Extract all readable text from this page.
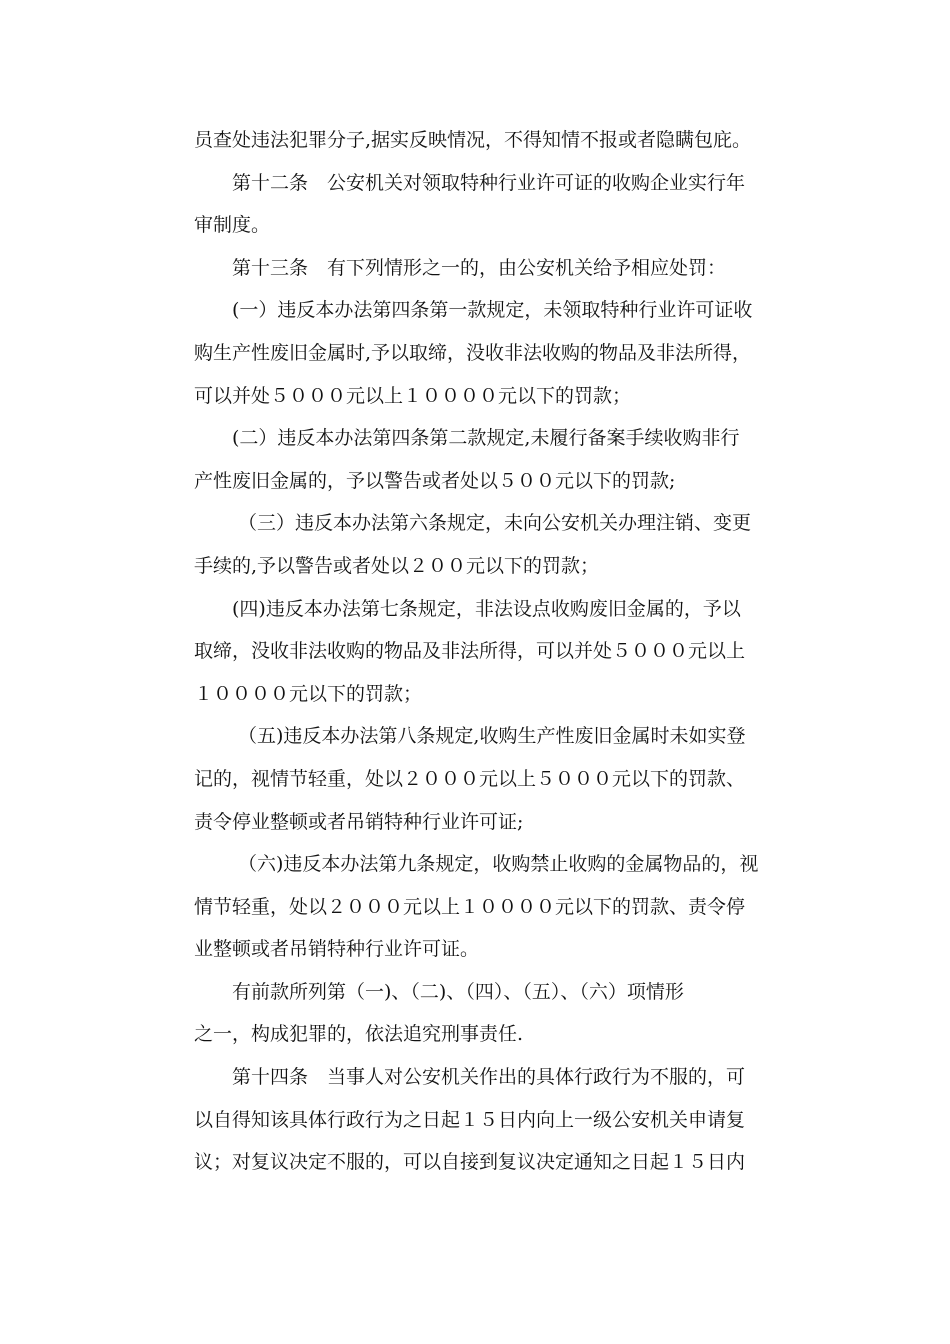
员查处违法犯罪分子,据实反映情况，不得知情不报或者隐瞒包庇。
第十二条　公安机关对领取特种行业许可证的收购企业实行年
审制度。
第十三条　有下列情形之一的，由公安机关给予相应处罚：
(一）违反本办法第四条第一款规定，未领取特种行业许可证收
购生产性废旧金属时,予以取缔，没收非法收购的物品及非法所得，
可以并处５０００元以上１００００元以下的罚款；
(二）违反本办法第四条第二款规定,未履行备案手续收购非行
产性废旧金属的，予以警告或者处以５００元以下的罚款;
（三）违反本办法第六条规定，未向公安机关办理注销、变更
手续的,予以警告或者处以２００元以下的罚款；
(四)违反本办法第七条规定，非法设点收购废旧金属的，予以
取缔，没收非法收购的物品及非法所得，可以并处５０００元以上
１００００元以下的罚款；
（五)违反本办法第八条规定,收购生产性废旧金属时未如实登
记的，视情节轻重，处以２０００元以上５０００元以下的罚款、
责令停业整顿或者吊销特种行业许可证;
（六)违反本办法第九条规定，收购禁止收购的金属物品的，视
情节轻重，处以２０００元以上１００００元以下的罚款、责令停
业整顿或者吊销特种行业许可证。
有前款所列第（一)、（二)、（四）、（五）、（六）项情形
之一，构成犯罪的，依法追究刑事责任.
第十四条　当事人对公安机关作出的具体行政行为不服的，可
以自得知该具体行政行为之日起１５日内向上一级公安机关申请复
议；对复议决定不服的，可以自接到复议决定通知之日起１５日内
